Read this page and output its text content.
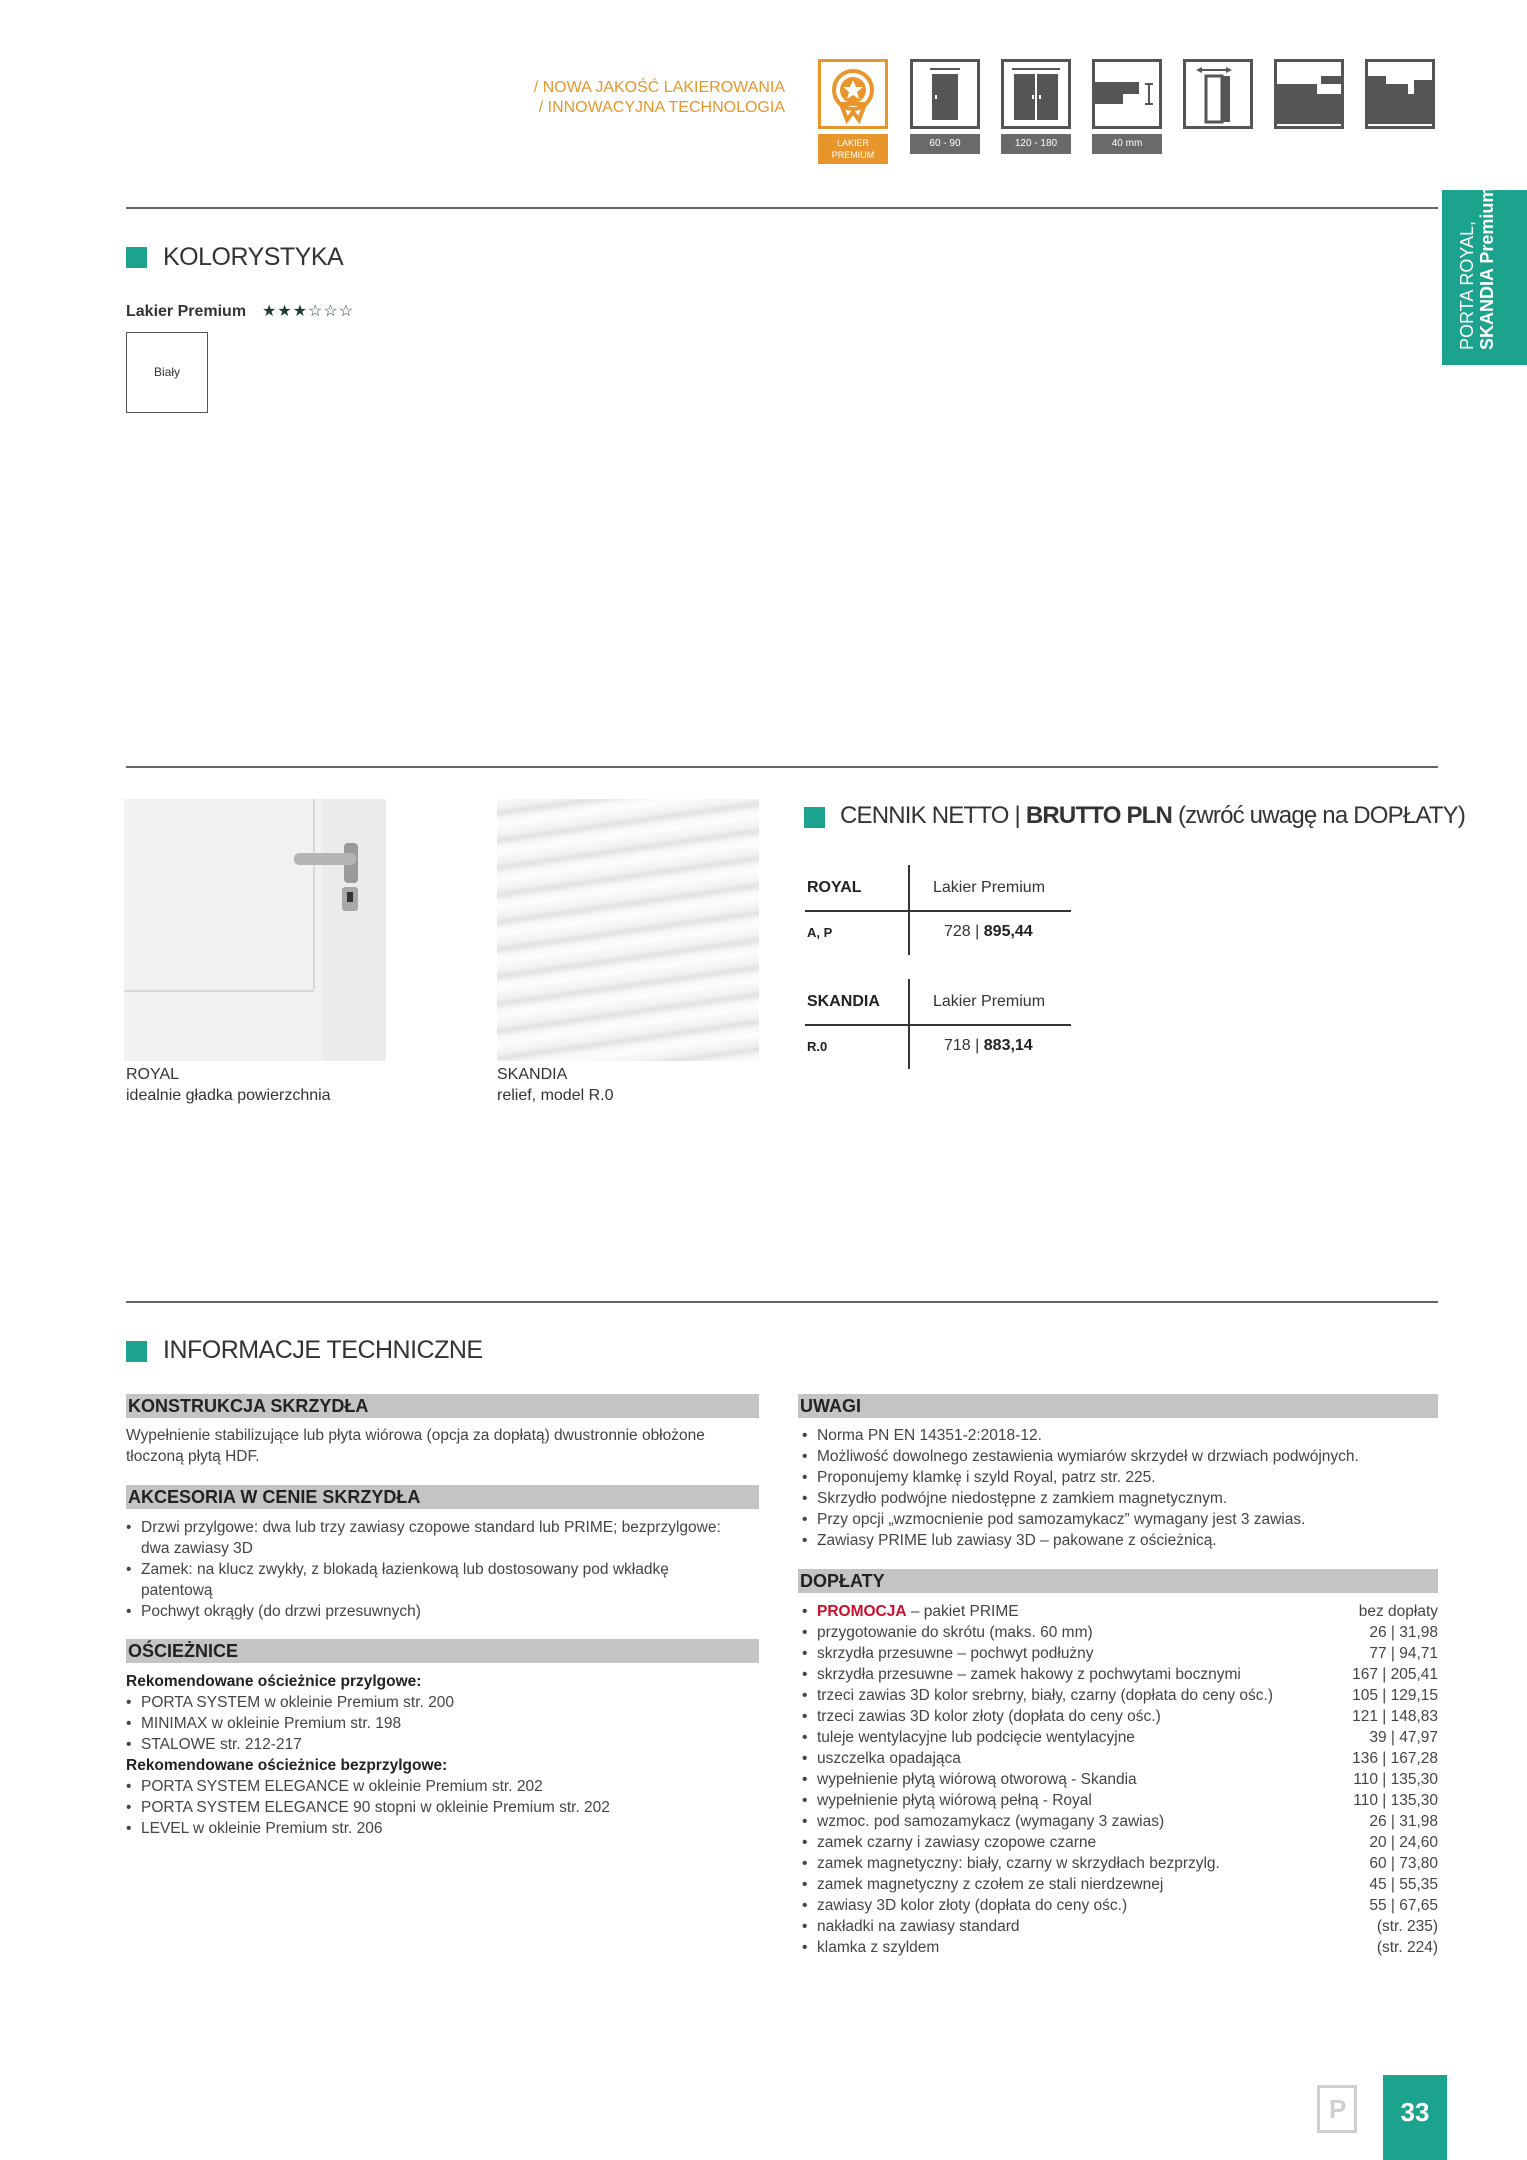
/ NOWA JAKOŚĆ LAKIEROWANIA
/ INNOWACYJNA TECHNOLOGIA
LAKIER PREMIUM
60 - 90	120 - 180	40 mm
PORTA ROYAL, SKANDIA Premium
KOLORYSTYKA
Lakier Premium ★★★☆☆☆
Biały
ROYAL
idealnie gładka powierzchnia
SKANDIA
relief, model R.0
CENNIK NETTO | BRUTTO PLN (zwróć uwagę na DOPŁATY)
ROYAL	Lakier Premium
A, P	728 | 895,44
SKANDIA	Lakier Premium
R.0	718 | 883,14
INFORMACJE TECHNICZNE
KONSTRUKCJA SKRZYDŁA
Wypełnienie stabilizujące lub płyta wiórowa (opcja za dopłatą) dwustronnie obłożone tłoczoną płytą HDF.
AKCESORIA W CENIE SKRZYDŁA
• Drzwi przylgowe: dwa lub trzy zawiasy czopowe standard lub PRIME; bezprzylgowe: dwa zawiasy 3D
• Zamek: na klucz zwykły, z blokadą łazienkową lub dostosowany pod wkładkę patentową
• Pochwyt okrągły (do drzwi przesuwnych)
OŚCIEŻNICE
Rekomendowane ościeżnice przylgowe:
• PORTA SYSTEM w okleinie Premium str. 200
• MINIMAX w okleinie Premium str. 198
• STALOWE str. 212-217
Rekomendowane ościeżnice bezprzylgowe:
• PORTA SYSTEM ELEGANCE w okleinie Premium str. 202
• PORTA SYSTEM ELEGANCE 90 stopni w okleinie Premium str. 202
• LEVEL w okleinie Premium str. 206
UWAGI
• Norma PN EN 14351-2:2018-12.
• Możliwość dowolnego zestawienia wymiarów skrzydeł w drzwiach podwójnych.
• Proponujemy klamkę i szyld Royal, patrz str. 225.
• Skrzydło podwójne niedostępne z zamkiem magnetycznym.
• Przy opcji „wzmocnienie pod samozamykacz” wymagany jest 3 zawias.
• Zawiasy PRIME lub zawiasy 3D – pakowane z ościeżnicą.
DOPŁATY
• PROMOCJA – pakiet PRIME	bez dopłaty
• przygotowanie do skrótu (maks. 60 mm)	26 | 31,98
• skrzydła przesuwne – pochwyt podłużny	77 | 94,71
• skrzydła przesuwne – zamek hakowy z pochwytami bocznymi	167 | 205,41
• trzeci zawias 3D kolor srebrny, biały, czarny (dopłata do ceny ośc.)	105 | 129,15
• trzeci zawias 3D kolor złoty (dopłata do ceny ośc.)	121 | 148,83
• tuleje wentylacyjne lub podcięcie wentylacyjne	39 | 47,97
• uszczelka opadająca	136 | 167,28
• wypełnienie płytą wiórową otworową - Skandia	110 | 135,30
• wypełnienie płytą wiórową pełną - Royal	110 | 135,30
• wzmoc. pod samozamykacz (wymagany 3 zawias)	26 | 31,98
• zamek czarny i zawiasy czopowe czarne	20 | 24,60
• zamek magnetyczny: biały, czarny w skrzydłach bezprzylg.	60 | 73,80
• zamek magnetyczny z czołem ze stali nierdzewnej	45 | 55,35
• zawiasy 3D kolor złoty (dopłata do ceny ośc.)	55 | 67,65
• nakładki na zawiasy standard	(str. 235)
• klamka z szyldem	(str. 224)
P	33
